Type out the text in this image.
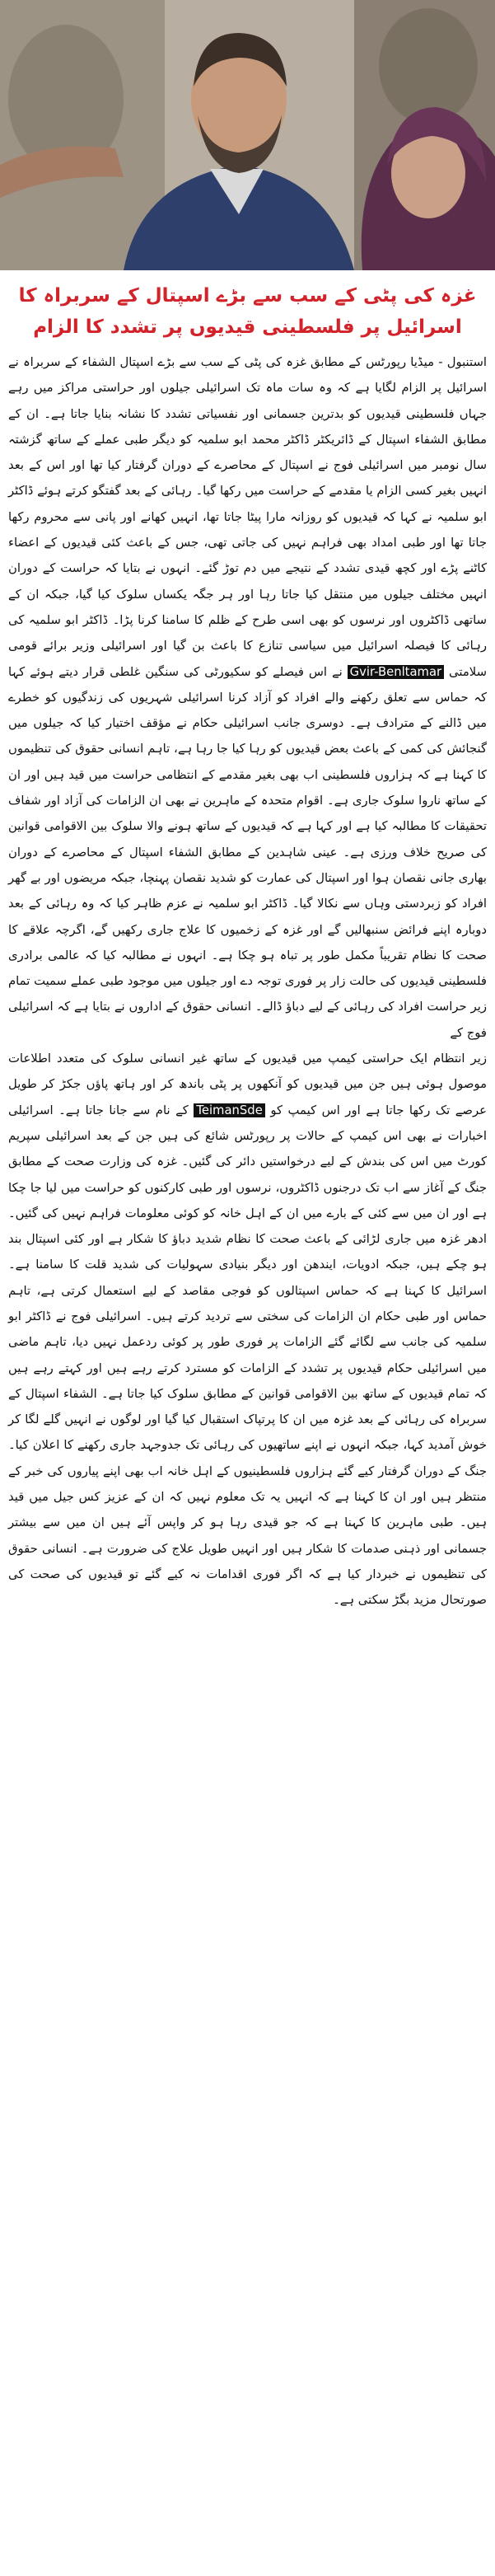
غزہ کی پٹی کے سب سے بڑے اسپتال کے سربراہ کا اسرائیل پر فلسطینی قیدیوں پر تشدد کا الزام

استنبول - میڈیا رپورٹس کے مطابق غزہ کی پٹی کے سب سے بڑے اسپتال الشفاء کے سربراہ نے اسرائیل پر الزام لگایا ہے کہ وہ سات ماہ تک اسرائیلی جیلوں اور حراستی مراکز میں رہے جہاں فلسطینی قیدیوں کو بدترین جسمانی اور نفسیاتی تشدد کا نشانہ بنایا جاتا ہے۔ ان کے مطابق الشفاء اسپتال کے ڈائریکٹر ڈاکٹر محمد ابو سلمیہ کو دیگر طبی عملے کے ساتھ گزشتہ سال نومبر میں اسرائیلی فوج نے اسپتال کے محاصرے کے دوران گرفتار کیا تھا اور اس کے بعد انہیں بغیر کسی الزام یا مقدمے کے حراست میں رکھا گیا۔ رہائی کے بعد گفتگو کرتے ہوئے ڈاکٹر ابو سلمیہ نے کہا کہ قیدیوں کو روزانہ مارا پیٹا جاتا تھا، انہیں کھانے اور پانی سے محروم رکھا جاتا تھا اور طبی امداد بھی فراہم نہیں کی جاتی تھی، جس کے باعث کئی قیدیوں کے اعضاء کاٹنے پڑے اور کچھ قیدی تشدد کے نتیجے میں دم توڑ گئے۔ انہوں نے بتایا کہ حراست کے دوران انہیں مختلف جیلوں میں منتقل کیا جاتا رہا اور ہر جگہ یکساں سلوک کیا گیا، جبکہ ان کے ساتھی ڈاکٹروں اور نرسوں کو بھی اسی طرح کے ظلم کا سامنا کرنا پڑا۔ ڈاکٹر ابو سلمیہ کی رہائی کا فیصلہ اسرائیل میں سیاسی تنازع کا باعث بن گیا اور اسرائیلی وزیر برائے قومی سلامتی Gvir-Benltamar نے اس فیصلے کو سکیورٹی کی سنگین غلطی قرار دیتے ہوئے کہا کہ حماس سے تعلق رکھنے والے افراد کو آزاد کرنا اسرائیلی شہریوں کی زندگیوں کو خطرے میں ڈالنے کے مترادف ہے۔ دوسری جانب اسرائیلی حکام نے مؤقف اختیار کیا کہ جیلوں میں گنجائش کی کمی کے باعث بعض قیدیوں کو رہا کیا جا رہا ہے، تاہم انسانی حقوق کی تنظیموں کا کہنا ہے کہ ہزاروں فلسطینی اب بھی بغیر مقدمے کے انتظامی حراست میں قید ہیں اور ان کے ساتھ ناروا سلوک جاری ہے۔ اقوام متحدہ کے ماہرین نے بھی ان الزامات کی آزاد اور شفاف تحقیقات کا مطالبہ کیا ہے اور کہا ہے کہ قیدیوں کے ساتھ ہونے والا سلوک بین الاقوامی قوانین کی صریح خلاف ورزی ہے۔ عینی شاہدین کے مطابق الشفاء اسپتال کے محاصرے کے دوران بھاری جانی نقصان ہوا اور اسپتال کی عمارت کو شدید نقصان پہنچا، جبکہ مریضوں اور بے گھر افراد کو زبردستی وہاں سے نکالا گیا۔ ڈاکٹر ابو سلمیہ نے عزم ظاہر کیا کہ وہ رہائی کے بعد دوبارہ اپنے فرائض سنبھالیں گے اور غزہ کے زخمیوں کا علاج جاری رکھیں گے، اگرچہ علاقے کا صحت کا نظام تقریباً مکمل طور پر تباہ ہو چکا ہے۔ انہوں نے مطالبہ کیا کہ عالمی برادری فلسطینی قیدیوں کی حالت زار پر فوری توجہ دے اور جیلوں میں موجود طبی عملے سمیت تمام زیر حراست افراد کی رہائی کے لیے دباؤ ڈالے۔ انسانی حقوق کے اداروں نے بتایا ہے کہ اسرائیلی فوج کے

زیر انتظام ایک حراستی کیمپ میں قیدیوں کے ساتھ غیر انسانی سلوک کی متعدد اطلاعات موصول ہوئی ہیں جن میں قیدیوں کو آنکھوں پر پٹی باندھ کر اور ہاتھ پاؤں جکڑ کر طویل عرصے تک رکھا جاتا ہے اور اس کیمپ کو TeimanSde کے نام سے جانا جاتا ہے۔ اسرائیلی اخبارات نے بھی اس کیمپ کے حالات پر رپورٹس شائع کی ہیں جن کے بعد اسرائیلی سپریم کورٹ میں اس کی بندش کے لیے درخواستیں دائر کی گئیں۔ غزہ کی وزارت صحت کے مطابق جنگ کے آغاز سے اب تک درجنوں ڈاکٹروں، نرسوں اور طبی کارکنوں کو حراست میں لیا جا چکا ہے اور ان میں سے کئی کے بارے میں ان کے اہل خانہ کو کوئی معلومات فراہم نہیں کی گئیں۔ ادھر غزہ میں جاری لڑائی کے باعث صحت کا نظام شدید دباؤ کا شکار ہے اور کئی اسپتال بند ہو چکے ہیں، جبکہ ادویات، ایندھن اور دیگر بنیادی سہولیات کی شدید قلت کا سامنا ہے۔ اسرائیل کا کہنا ہے کہ حماس اسپتالوں کو فوجی مقاصد کے لیے استعمال کرتی ہے، تاہم حماس اور طبی حکام ان الزامات کی سختی سے تردید کرتے ہیں۔ اسرائیلی فوج نے ڈاکٹر ابو سلمیہ کی جانب سے لگائے گئے الزامات پر فوری طور پر کوئی ردعمل نہیں دیا، تاہم ماضی میں اسرائیلی حکام قیدیوں پر تشدد کے الزامات کو مسترد کرتے رہے ہیں اور کہتے رہے ہیں کہ تمام قیدیوں کے ساتھ بین الاقوامی قوانین کے مطابق سلوک کیا جاتا ہے۔ الشفاء اسپتال کے سربراہ کی رہائی کے بعد غزہ میں ان کا پرتپاک استقبال کیا گیا اور لوگوں نے انہیں گلے لگا کر خوش آمدید کہا، جبکہ انہوں نے اپنے ساتھیوں کی رہائی تک جدوجہد جاری رکھنے کا اعلان کیا۔ جنگ کے دوران گرفتار کیے گئے ہزاروں فلسطینیوں کے اہل خانہ اب بھی اپنے پیاروں کی خبر کے منتظر ہیں اور ان کا کہنا ہے کہ انہیں یہ تک معلوم نہیں کہ ان کے عزیز کس جیل میں قید ہیں۔ طبی ماہرین کا کہنا ہے کہ جو قیدی رہا ہو کر واپس آئے ہیں ان میں سے بیشتر جسمانی اور ذہنی صدمات کا شکار ہیں اور انہیں طویل علاج کی ضرورت ہے۔ انسانی حقوق کی تنظیموں نے خبردار کیا ہے کہ اگر فوری اقدامات نہ کیے گئے تو قیدیوں کی صحت کی صورتحال مزید بگڑ سکتی ہے۔
